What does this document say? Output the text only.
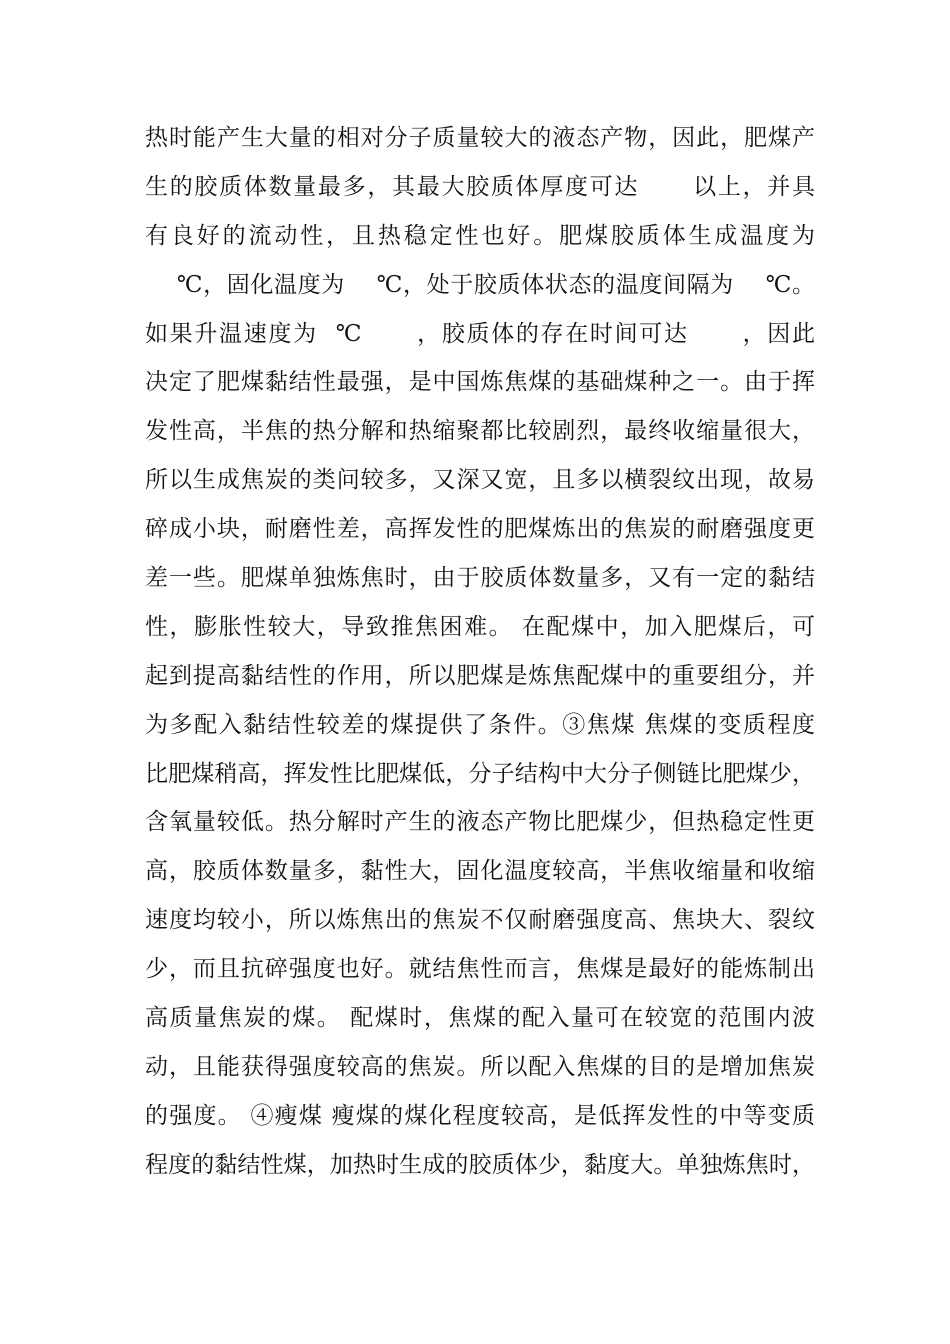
热时能产生大量的相对分子质量较大的液态产物，因此，肥煤产
生的胶质体数量最多，其最大胶质体厚度可达      以上，并具
有良好的流动性，且热稳定性也好。肥煤胶质体生成温度为
℃，固化温度为    ℃，处于胶质体状态的温度间隔为    ℃。
如果升温速度为  ℃      ，胶质体的存在时间可达      ，因此
决定了肥煤黏结性最强，是中国炼焦煤的基础煤种之一。由于挥
发性高，半焦的热分解和热缩聚都比较剧烈，最终收缩量很大，
所以生成焦炭的类问较多，又深又宽，且多以横裂纹出现，故易
碎成小块，耐磨性差，高挥发性的肥煤炼出的焦炭的耐磨强度更
差一些。肥煤单独炼焦时，由于胶质体数量多，又有一定的黏结
性，膨胀性较大，导致推焦困难。 在配煤中，加入肥煤后，可
起到提高黏结性的作用，所以肥煤是炼焦配煤中的重要组分，并
为多配入黏结性较差的煤提供了条件。③焦煤 焦煤的变质程度
比肥煤稍高，挥发性比肥煤低，分子结构中大分子侧链比肥煤少，
含氧量较低。热分解时产生的液态产物比肥煤少，但热稳定性更
高，胶质体数量多，黏性大，固化温度较高，半焦收缩量和收缩
速度均较小，所以炼焦出的焦炭不仅耐磨强度高、焦块大、裂纹
少，而且抗碎强度也好。就结焦性而言，焦煤是最好的能炼制出
高质量焦炭的煤。 配煤时，焦煤的配入量可在较宽的范围内波
动，且能获得强度较高的焦炭。所以配入焦煤的目的是增加焦炭
的强度。 ④瘦煤 瘦煤的煤化程度较高，是低挥发性的中等变质
程度的黏结性煤，加热时生成的胶质体少，黏度大。单独炼焦时，
